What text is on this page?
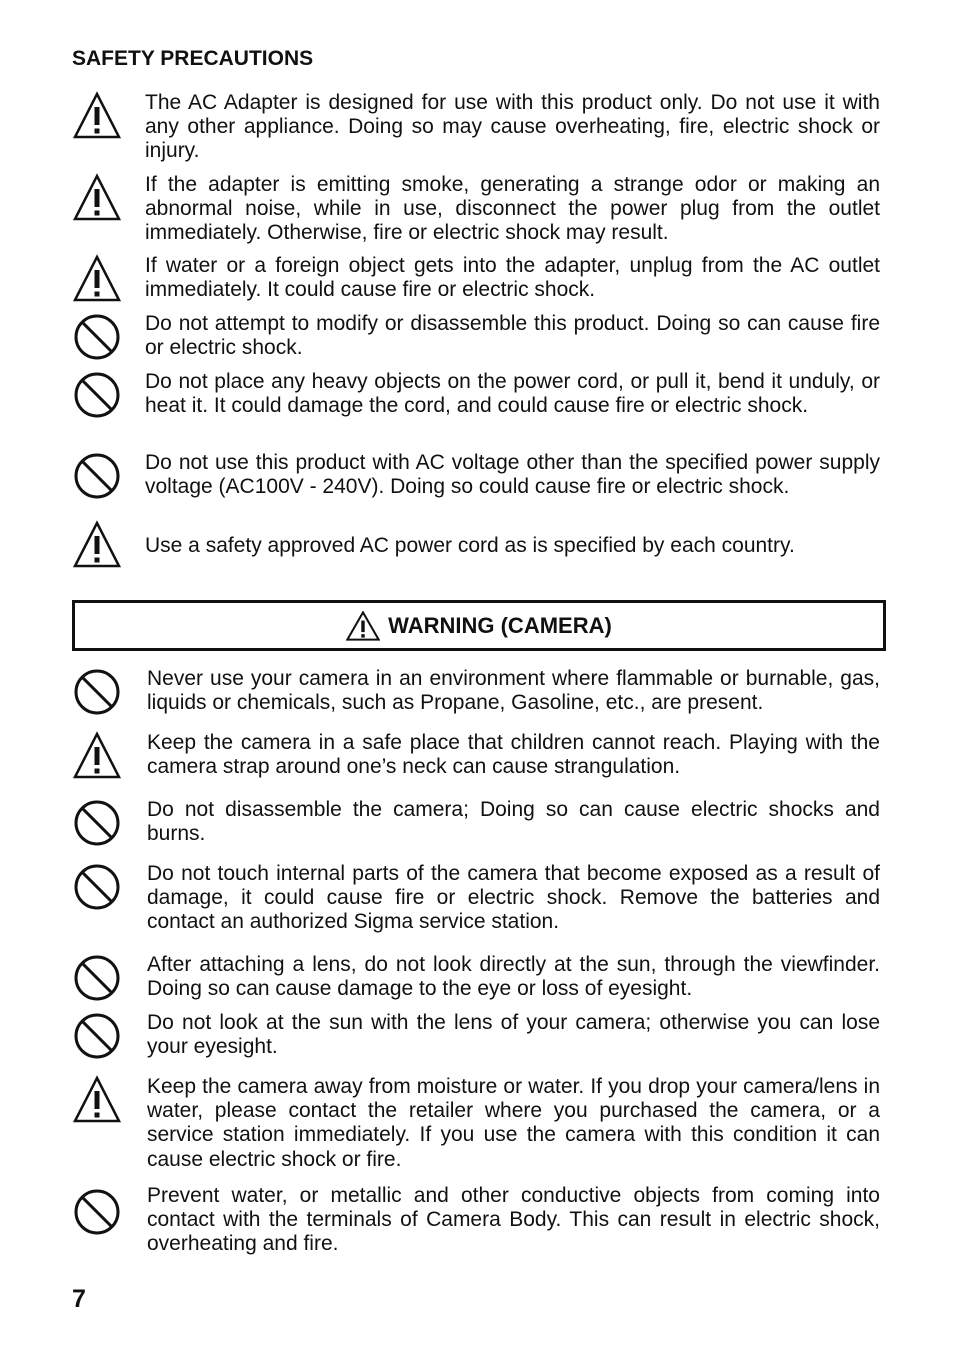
SAFETY PRECAUTIONS
The AC Adapter is designed for use with this product only. Do not use it with any other appliance. Doing so may cause overheating, fire, electric shock or injury.
If the adapter is emitting smoke, generating a strange odor or making an abnormal noise, while in use, disconnect the power plug from the outlet immediately. Otherwise, fire or electric shock may result.
If water or a foreign object gets into the adapter, unplug from the AC outlet immediately. It could cause fire or electric shock.
Do not attempt to modify or disassemble this product. Doing so can cause fire or electric shock.
Do not place any heavy objects on the power cord, or pull it, bend it unduly, or heat it. It could damage the cord, and could cause fire or electric shock.
Do not use this product with AC voltage other than the specified power supply voltage (AC100V - 240V). Doing so could cause fire or electric shock.
Use a safety approved AC power cord as is specified by each country.
WARNING (CAMERA)
Never use your camera in an environment where flammable or burnable, gas, liquids or chemicals, such as Propane, Gasoline, etc., are present.
Keep the camera in a safe place that children cannot reach. Playing with the camera strap around one’s neck can cause strangulation.
Do not disassemble the camera; Doing so can cause electric shocks and burns.
Do not touch internal parts of the camera that become exposed as a result of damage, it could cause fire or electric shock. Remove the batteries and contact an authorized Sigma service station.
After attaching a lens, do not look directly at the sun, through the viewfinder. Doing so can cause damage to the eye or loss of eyesight.
Do not look at the sun with the lens of your camera; otherwise you can lose your eyesight.
Keep the camera away from moisture or water. If you drop your camera/lens in water, please contact the retailer where you purchased the camera, or a service station immediately. If you use the camera with this condition it can cause electric shock or fire.
Prevent water, or metallic and other conductive objects from coming into contact with the terminals of Camera Body. This can result in electric shock, overheating and fire.
7
